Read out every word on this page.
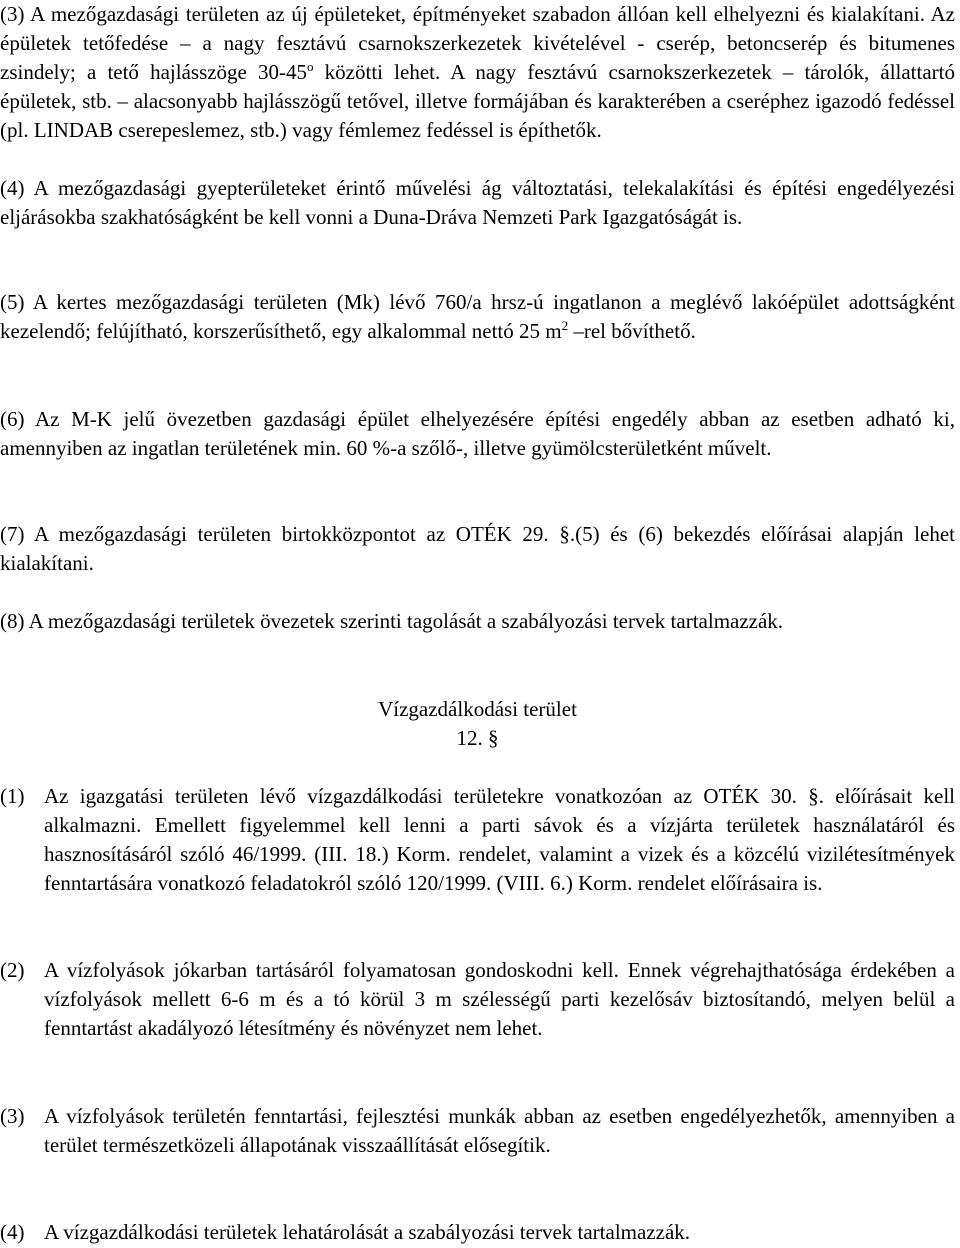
(3) A mezőgazdasági területen az új épületeket, építményeket szabadon állóan kell elhelyezni és kialakítani. Az épületek tetőfedése – a nagy fesztávú csarnokszerkezetek kivételével - cserép, betoncserép és bitumenes zsindely; a tető hajlásszöge 30-45$^o$ közötti lehet. A nagy fesztávú csarnokszerkezetek – tárolók, állattartó épületek, stb. – alacsonyabb hajlásszögű tetővel, illetve formájában és karakterében a cseréphez igazodó fedéssel (pl. LINDAB cserepeslemez, stb.) vagy fémlemez fedéssel is építhetők.

(4) A mezőgazdasági gyepterületeket érintő művelési ág változtatási, telekalakítási és építési engedélyezési eljárásokba szakhatóságként be kell vonni a Duna-Dráva Nemzeti Park Igazgatóságát is.

(5) A kertes mezőgazdasági területen (Mk) lévő 760/a hrsz-ú ingatlanon a meglévő lakóépület adottságként kezelendő; felújítható, korszerűsíthető, egy alkalommal nettó 25 $m^2$ –rel bővíthető.

(6) Az M-K jelű övezetben gazdasági épület elhelyezésére építési engedély abban az esetben adható ki, amennyiben az ingatlan területének min. 60 %-a szőlő-, illetve gyümölcsterületként művelt.

(7) A mezőgazdasági területen birtokközpontot az OTÉK 29. §.(5) és (6) bekezdés előírásai alapján lehet kialakítani.

(8) A mezőgazdasági területek övezetek szerinti tagolását a szabályozási tervek tartalmazzák.

Vízgazdálkodási terület

12. §

(1) Az igazgatási területen lévő vízgazdálkodási területekre vonatkozóan az OTÉK 30. §. előírásait kell alkalmazni. Emellett figyelemmel kell lenni a parti sávok és a vízjárta területek használatáról és hasznosításáról szóló 46/1999. (III. 18.) Korm. rendelet, valamint a vizek és a közcélú vizilétesítmények fenntartására vonatkozó feladatokról szóló 120/1999. (VIII. 6.) Korm. rendelet előírásaira is.

(2) A vízfolyások jókarban tartásáról folyamatosan gondoskodni kell. Ennek végrehajthatósága érdekében a vízfolyások mellett 6-6 m és a tó körül 3 m szélességű parti kezelősáv biztosítandó, melyen belül a fenntartást akadályozó létesítmény és növényzet nem lehet.

(3) A vízfolyások területén fenntartási, fejlesztési munkák abban az esetben engedélyezhetők, amennyiben a terület természetközeli állapotának visszaállítását elősegítik.

(4) A vízgazdálkodási területek lehatárolását a szabályozási tervek tartalmazzák.
